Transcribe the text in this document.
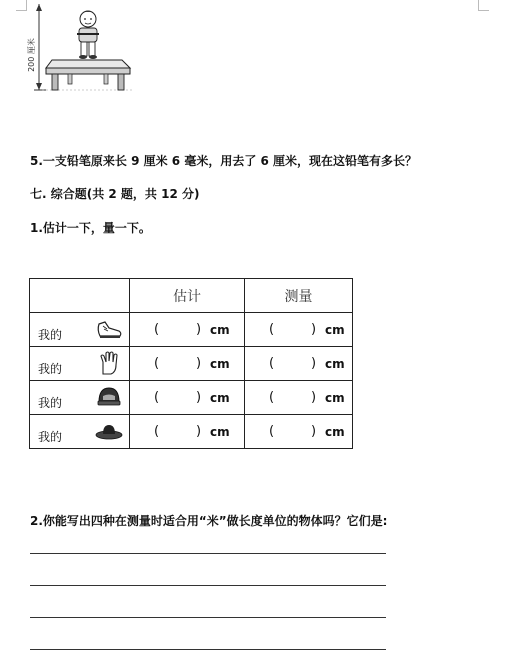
200 厘米
5.一支铅笔原来长 9 厘米 6 毫米，用去了 6 厘米，现在这铅笔有多长？
七. 综合题(共 2 题，共 12 分)
1.估计一下，量一下。
	估计	测量

我的	( ) cm	( ) cm

我的	( ) cm	( ) cm

我的	( ) cm	( ) cm

我的	( ) cm	( ) cm
2.你能写出四种在测量时适合用“米”做长度单位的物体吗？它们是:
